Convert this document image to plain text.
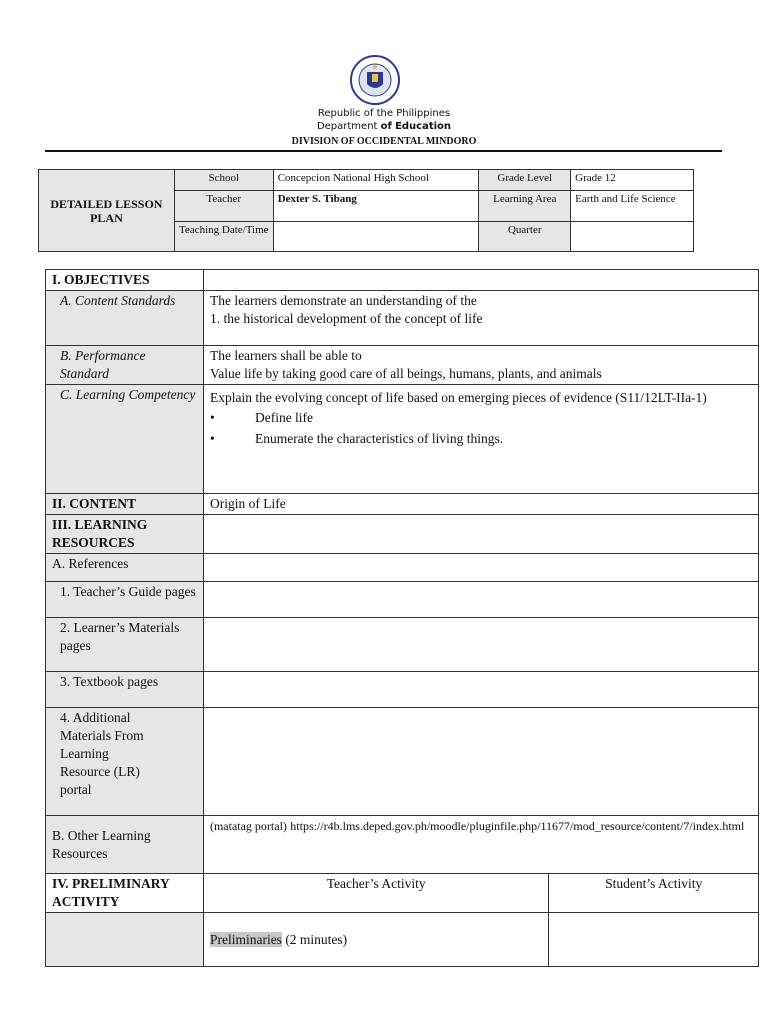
Republic of the Philippines
Department of Education
DIVISION OF OCCIDENTAL MINDORO
DETAILED LESSON PLAN	School	Concepcion National High School	Grade Level	Grade 12
	Teacher	Dexter S. Tibang	Learning Area	Earth and Life Science
	Teaching Date/Time		Quarter	
I. OBJECTIVES		

A. Content Standards	The learners demonstrate an understanding of the
1. the historical development of the concept of life	

B. Performance Standard	The learners shall be able to
Value life by taking good care of all beings, humans, plants, and animals	

C. Learning Competency	Explain the evolving concept of life based on emerging pieces of evidence (S11/12LT-IIa-1)
• Define life
• Enumerate the characteristics of living things.	

II. CONTENT	Origin of Life	
III. LEARNING RESOURCES		
A. References		

1. Teacher’s Guide pages		

2. Learner’s Materials pages		

3. Textbook pages		

4. Additional Materials From Learning Resource (LR) portal		

B. Other Learning Resources	(matatag portal) https://r4b.lms.deped.gov.ph/moodle/pluginfile.php/11677/mod_resource/content/7/index.html	
IV. PRELIMINARY ACTIVITY	Teacher’s Activity	Student’s Activity
	Preliminaries (2 minutes)	
